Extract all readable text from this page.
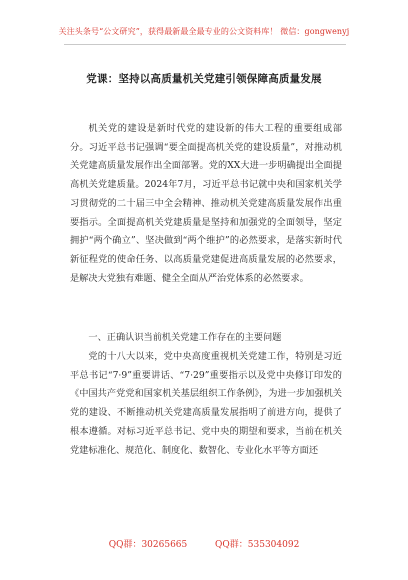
关注头条号“公文研究”，获得最新最全最专业的公文资料库！ 微信：gongwenyj
党课：坚持以高质量机关党建引领保障高质量发展

机关党的建设是新时代党的建设新的伟大工程的重要组成部分。习近平总书记强调“要全面提高机关党的建设质量”，对推动机关党建高质量发展作出全面部署。党的XX大进一步明确提出全面提高机关党建质量。2024年7月，习近平总书记就中央和国家机关学习贯彻党的二十届三中全会精神、推动机关党建高质量发展作出重要指示。全面提高机关党建质量是坚持和加强党的全面领导，坚定拥护“两个确立”、坚决做到“两个维护”的必然要求，是落实新时代新征程党的使命任务、以高质量党建促进高质量发展的必然要求，是解决大党独有难题、健全全面从严治党体系的必然要求。

一、正确认识当前机关党建工作存在的主要问题

党的十八大以来，党中央高度重视机关党建工作，特别是习近平总书记“7·9”重要讲话、“7·29”重要指示以及党中央修订印发的《中国共产党党和国家机关基层组织工作条例》，为进一步加强机关党的建设、不断推动机关党建高质量发展指明了前进方向，提供了根本遵循。对标习近平总书记、党中央的期望和要求，当前在机关党建标准化、规范化、制度化、数智化、专业化水平等方面还

QQ群：30265665	QQ群：535304092
